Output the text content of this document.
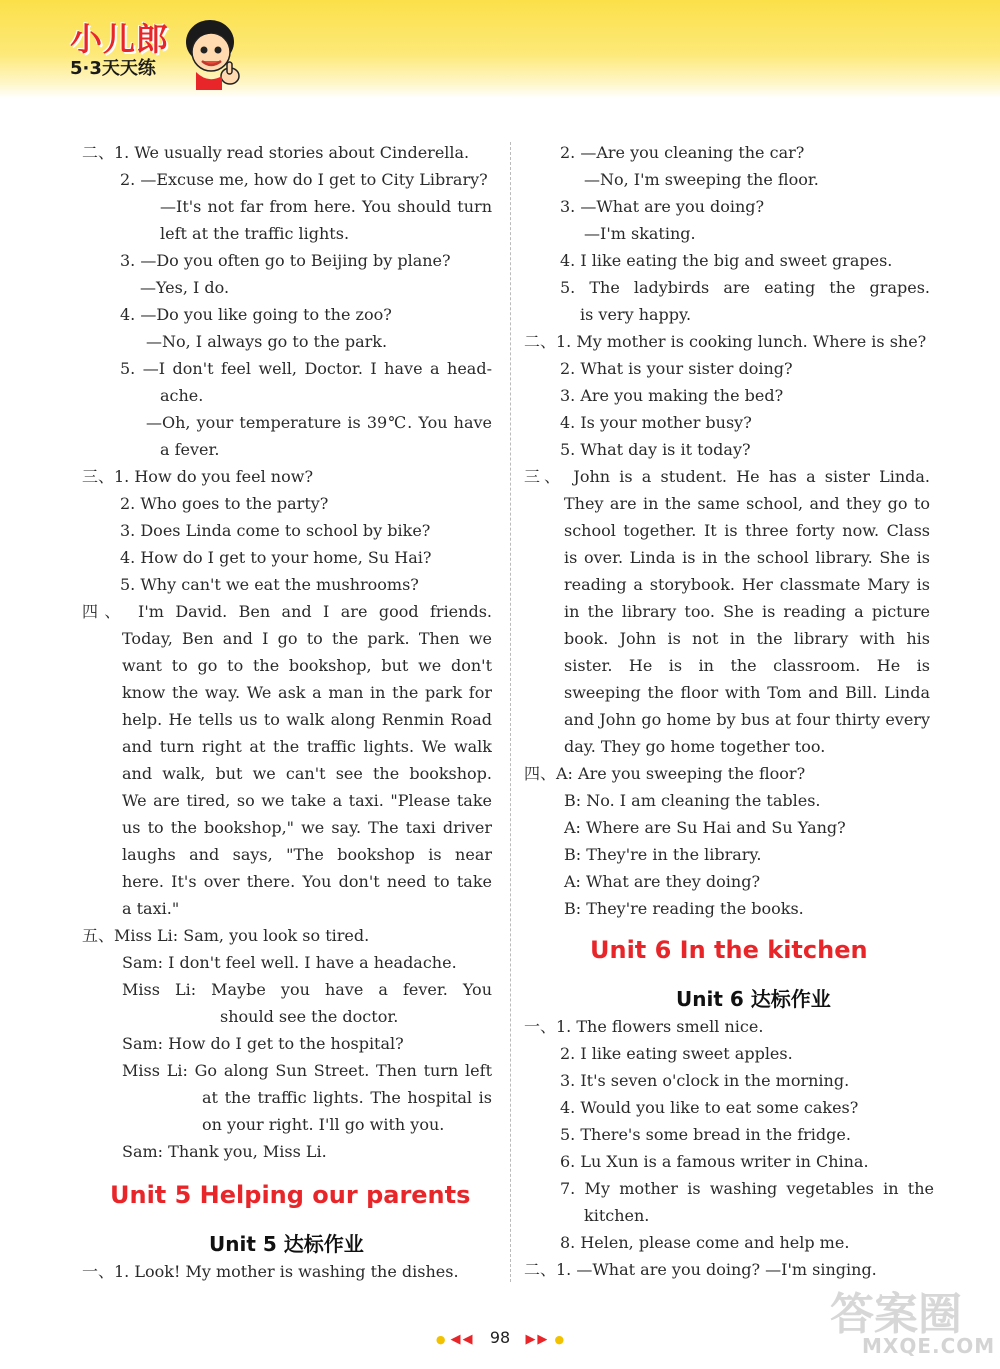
小儿郎
5·3天天练
二、1. We usually read stories about Cinderella.
2. —Excuse me, how do I get to City Library?
—It's not far from here. You should turn
left at the traffic lights.
3. —Do you often go to Beijing by plane?
—Yes, I do.
4. —Do you like going to the zoo?
—No, I always go to the park.
5. —I don't feel well, Doctor. I have a head-
ache.
—Oh, your temperature is 39℃. You have
a fever.
三、1. How do you feel now?
2. Who goes to the party?
3. Does Linda come to school by bike?
4. How do I get to your home, Su Hai?
5. Why can't we eat the mushrooms?
四、 I'm David. Ben and I are good friends.
Today, Ben and I go to the park. Then we
want to go to the bookshop, but we don't
know the way. We ask a man in the park for
help. He tells us to walk along Renmin Road
and turn right at the traffic lights. We walk
and walk, but we can't see the bookshop.
We are tired, so we take a taxi. "Please take
us to the bookshop," we say. The taxi driver
laughs and says, "The bookshop is near
here. It's over there. You don't need to take
a taxi."
五、Miss Li: Sam, you look so tired.
Sam: I don't feel well. I have a headache.
Miss Li: Maybe you have a fever. You
should see the doctor.
Sam: How do I get to the hospital?
Miss Li: Go along Sun Street. Then turn left
at the traffic lights. The hospital is
on your right. I'll go with you.
Sam: Thank you, Miss Li.
Unit 5 Helping our parents
Unit 5 达标作业
一、1. Look! My mother is washing the dishes.
2. —Are you cleaning the car?
—No, I'm sweeping the floor.
3. —What are you doing?
—I'm skating.
4. I like eating the big and sweet grapes.
5. The ladybirds are eating the grapes.
is very happy.
二、1. My mother is cooking lunch. Where is she?
2. What is your sister doing?
3. Are you making the bed?
4. Is your mother busy?
5. What day is it today?
三、 John is a student. He has a sister Linda.
They are in the same school, and they go to
school together. It is three forty now. Class
is over. Linda is in the school library. She is
reading a storybook. Her classmate Mary is
in the library too. She is reading a picture
book. John is not in the library with his
sister. He is in the classroom. He is
sweeping the floor with Tom and Bill. Linda
and John go home by bus at four thirty every
day. They go home together too.
四、A: Are you sweeping the floor?
B: No. I am cleaning the tables.
A: Where are Su Hai and Su Yang?
B: They're in the library.
A: What are they doing?
B: They're reading the books.
Unit 6 In the kitchen
Unit 6 达标作业
一、1. The flowers smell nice.
2. I like eating sweet apples.
3. It's seven o'clock in the morning.
4. Would you like to eat some cakes?
5. There's some bread in the fridge.
6. Lu Xun is a famous writer in China.
7. My mother is washing vegetables in the
kitchen.
8. Helen, please come and help me.
二、1. —What are you doing? —I'm singing.
● ◀◀ 98 ▶▶ ●	答案圈
MXQE.COM
